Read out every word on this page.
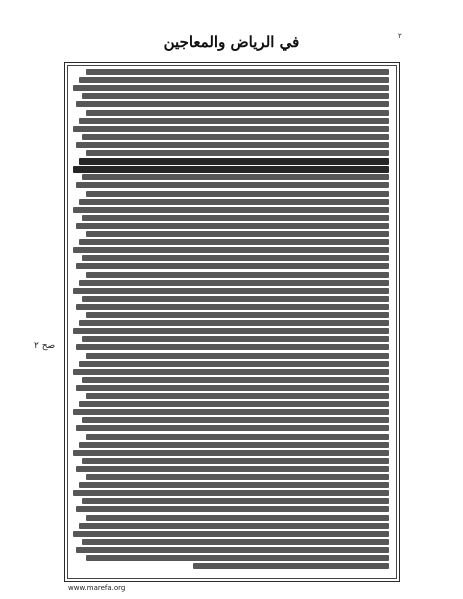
٢
في الرياض والمعاجين
صح ٢
www.marefa.org
